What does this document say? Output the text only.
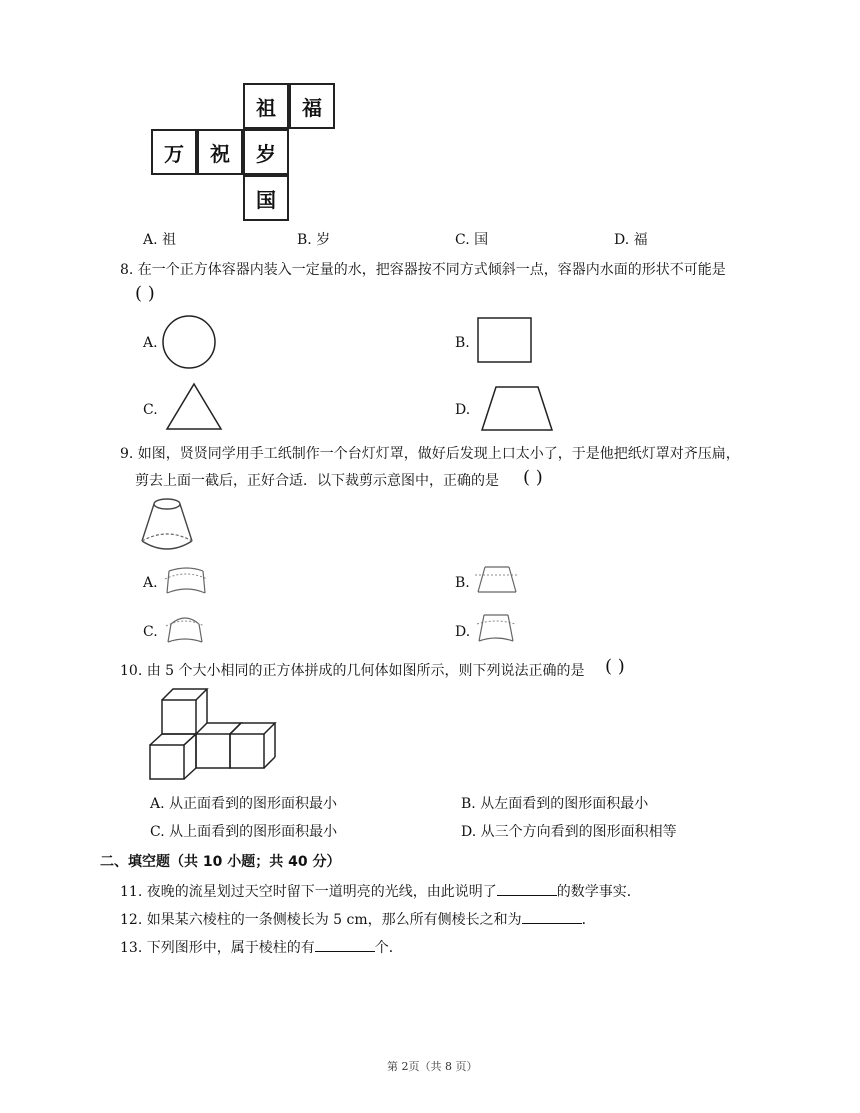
祖	福
万	祝	岁
国
A. 祖	B. 岁	C. 国	D. 福
8. 在一个正方体容器内装入一定量的水，把容器按不同方式倾斜一点，容器内水面的形状不可能是
( )
A.	B.
C.	D.
9. 如图，贤贤同学用手工纸制作一个台灯灯罩，做好后发现上口太小了，于是他把纸灯罩对齐压扁，
剪去上面一截后，正好合适．以下裁剪示意图中，正确的是 ( )
A.	B.
C.	D.
10. 由 5 个大小相同的正方体拼成的几何体如图所示，则下列说法正确的是 ( )
A. 从正面看到的图形面积最小	B. 从左面看到的图形面积最小
C. 从上面看到的图形面积最小	D. 从三个方向看到的图形面积相等
二、填空题（共 10 小题；共 40 分）
11. 夜晚的流星划过天空时留下一道明亮的光线，由此说明了	的数学事实．
12. 如果某六棱柱的一条侧棱长为 5 cm，那么所有侧棱长之和为	．
13. 下列图形中，属于棱柱的有	个．
第 2页（共 8 页）
